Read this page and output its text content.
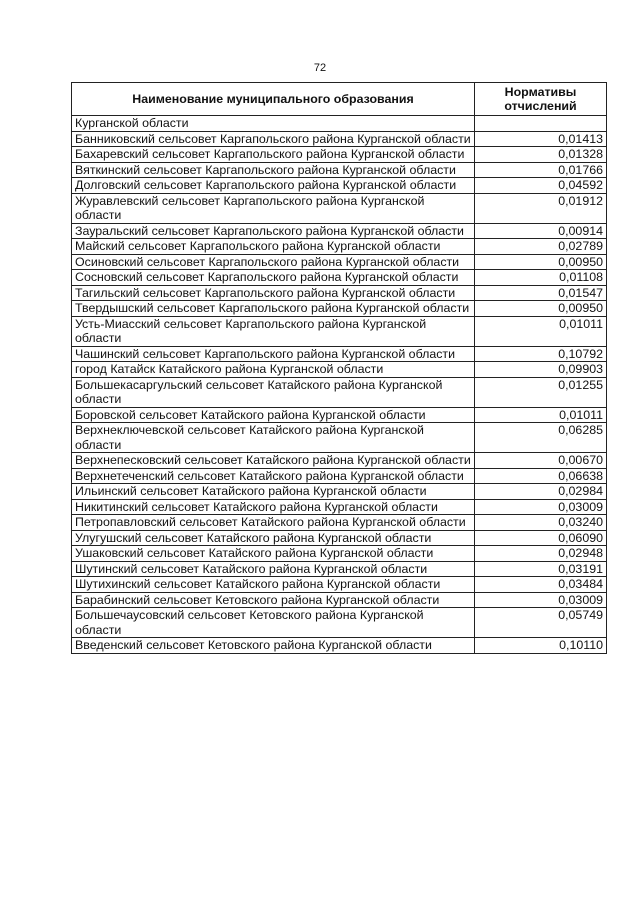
72
Наименование муниципального образования	Нормативы отчислений
Курганской области	
Банниковский сельсовет Каргапольского района Курганской области	0,01413
Бахаревский сельсовет Каргапольского района Курганской области	0,01328
Вяткинский сельсовет Каргапольского района Курганской области	0,01766
Долговский сельсовет Каргапольского района Курганской области	0,04592
Журавлевский сельсовет Каргапольского района Курганской области	0,01912
Зауральский сельсовет Каргапольского района Курганской области	0,00914
Майский сельсовет Каргапольского района Курганской области	0,02789
Осиновский сельсовет Каргапольского района Курганской области	0,00950
Сосновский сельсовет Каргапольского района Курганской области	0,01108
Тагильский сельсовет Каргапольского района Курганской области	0,01547
Твердышский сельсовет Каргапольского района Курганской области	0,00950
Усть-Миасский сельсовет Каргапольского района Курганской области	0,01011
Чашинский сельсовет Каргапольского района Курганской области	0,10792
город Катайск Катайского района Курганской области	0,09903
Большекасаргульский сельсовет Катайского района Курганской области	0,01255
Боровской сельсовет Катайского района Курганской области	0,01011
Верхнеключевской сельсовет Катайского района Курганской области	0,06285
Верхнепесковский сельсовет Катайского района Курганской области	0,00670
Верхнетеченский сельсовет Катайского района Курганской области	0,06638
Ильинский сельсовет Катайского района Курганской области	0,02984
Никитинский сельсовет Катайского района Курганской области	0,03009
Петропавловский сельсовет Катайского района Курганской области	0,03240
Улугушский сельсовет Катайского района Курганской области	0,06090
Ушаковский сельсовет Катайского района Курганской области	0,02948
Шутинский сельсовет Катайского района Курганской области	0,03191
Шутихинский сельсовет Катайского района Курганской области	0,03484
Барабинский сельсовет Кетовского района Курганской области	0,03009
Большечаусовский сельсовет Кетовского района Курганской области	0,05749
Введенский сельсовет Кетовского района Курганской области	0,10110
